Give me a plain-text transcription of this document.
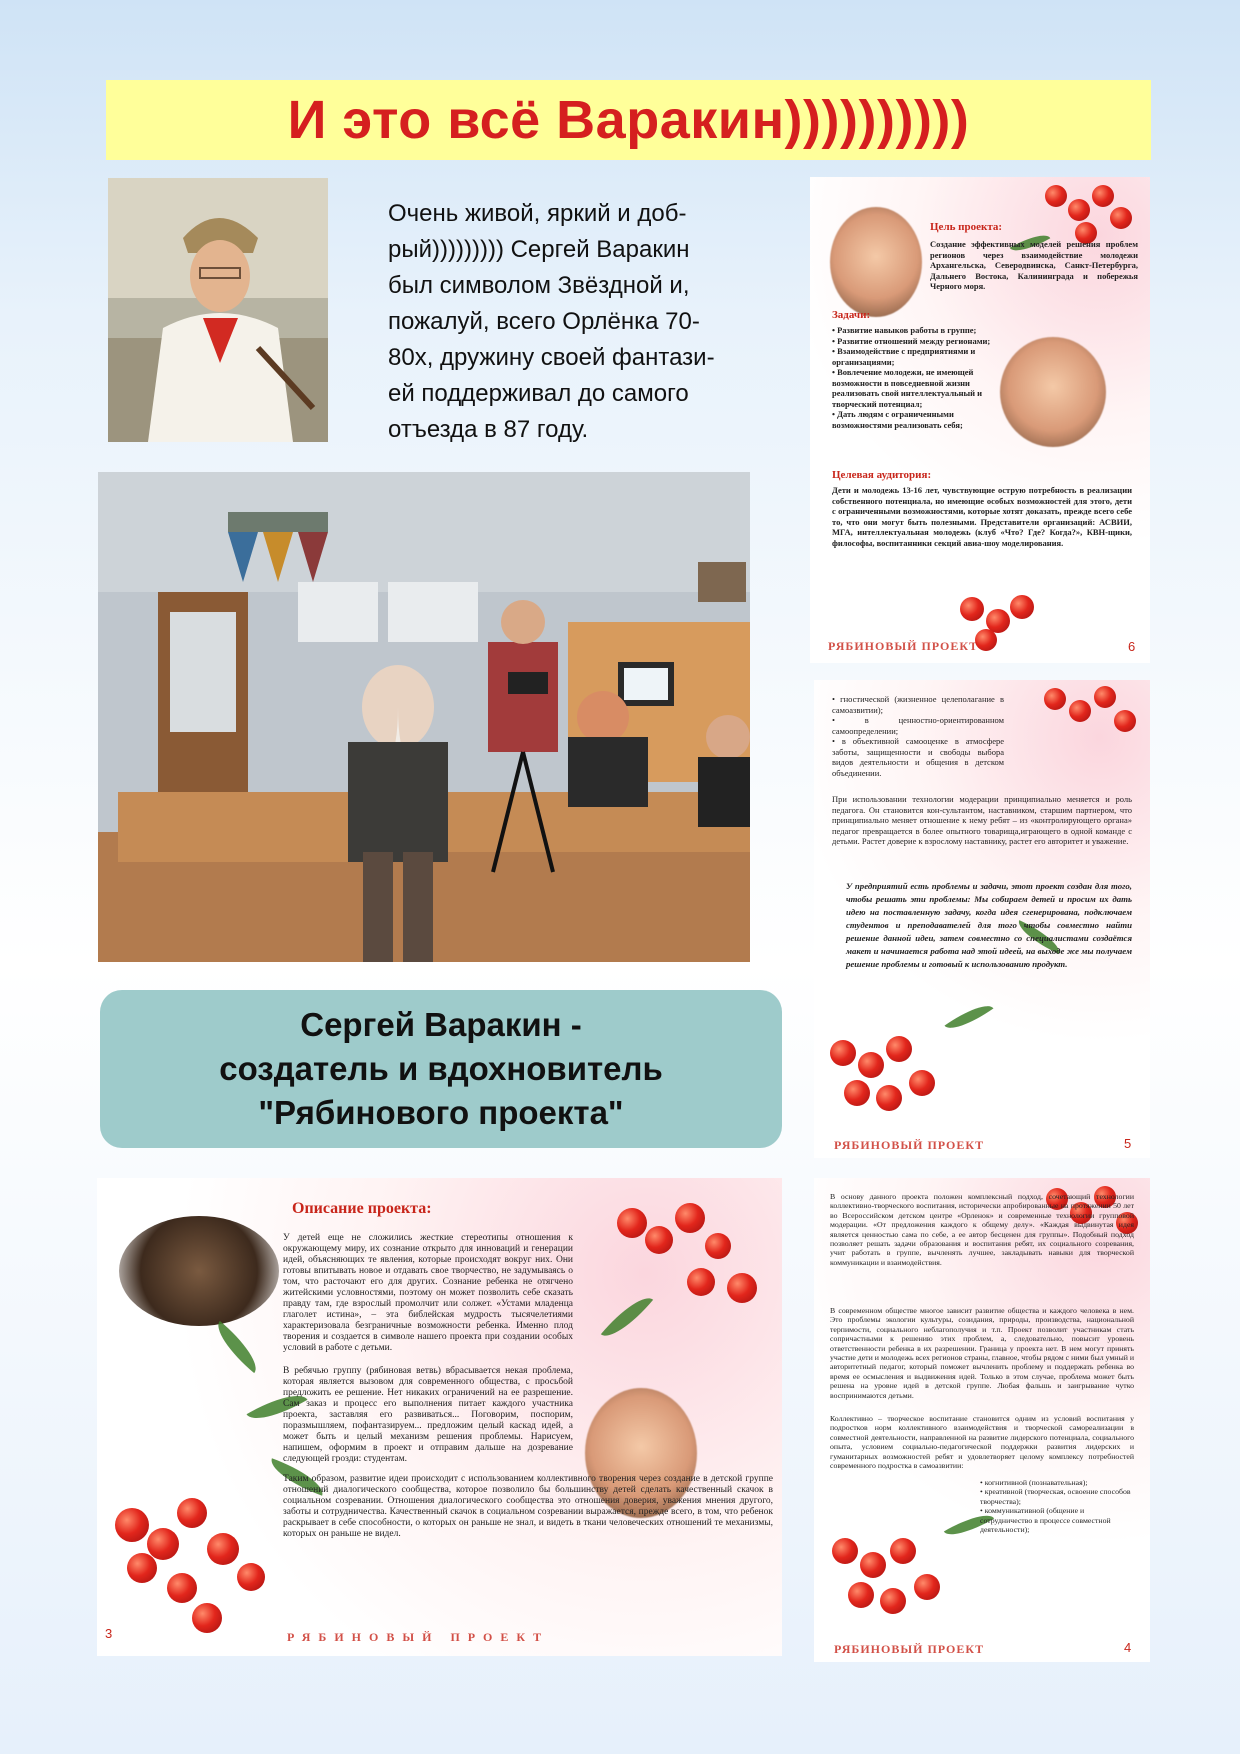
И это всё Варакин))))))))))
Очень живой, яркий и доб-рый))))))))) Сергей Варакин был символом Звёздной и, пожалуй, всего Орлёнка 70-80х, дружину своей фантази-ей поддерживал до самого отъезда в 87 году.
Сергей Варакин -
создатель и вдохновитель
"Рябинового проекта"
Описание проекта:
У детей еще не сложились жесткие стереотипы отношения к окружающему миру, их сознание открыто для инноваций и генерации идей, объясняющих те явления, которые происходят вокруг них. Они готовы впитывать новое и отдавать свое творчество, не задумываясь о том, что расточают его для других. Сознание ребенка не отягчено житейскими условностями, поэтому он может позволить себе сказать правду там, где взрослый промолчит или солжет. «Устами младенца глаголет истина», – эта библейская мудрость тысячелетиями характеризовала безграничные возможности ребенка. Именно плод творения и создается в символе нашего проекта при создании особых условий в работе с детьми.
В ребячью группу (рябиновая ветвь) вбрасывается некая проблема, которая является вызовом для современного общества, с просьбой предложить ее решение. Нет никаких ограничений на ее разрешение. Сам заказ и процесс его выполнения питает каждого участника проекта, заставляя его развиваться... Поговорим, поспорим, поразмышляем, пофантазируем... предложим целый каскад идей, а может быть и целый механизм решения проблемы. Нарисуем, напишем, оформим в проект и отправим дальше на дозревание следующей грозди: студентам.
Таким образом, развитие идеи происходит с использованием коллективного творения через создание в детской группе отношений диалогического сообщества, которое позволило бы большинству детей сделать качественный скачок в социальном созревании. Отношения диалогического сообщества это отношения доверия, уважения мнения другого, заботы и сотрудничества. Качественный скачок в социальном созревании выражается, прежде всего, в том, что ребенок раскрывает в себе способности, о которых он раньше не знал, и видеть в ткани человеческих отношений те механизмы, которых он раньше не видел.
3	РЯБИНОВЫЙ ПРОЕКТ
Цель проекта:
Создание эффективных моделей решения проблем регионов через взаимодействие молодежи Архангельска, Северодвинска, Санкт-Петербурга, Дальнего Востока, Калининграда и побережья Черного моря.
Задачи:
• Развитие навыков работы в группе;
• Развитие отношений между регионами;
• Взаимодействие с предприятиями и организациями;
• Вовлечение молодежи, не имеющей возможности в повседневной жизни реализовать свой интеллектуальный и творческий потенциал;
• Дать людям с ограниченными возможностями реализовать себя;
Целевая аудитория:
Дети и молодежь 13-16 лет, чувствующие острую потребность в реализации собственного потенциала, но имеющие особых возможностей для этого, дети с ограниченными возможностями, которые хотят доказать, прежде всего себе то, что они могут быть полезными. Представители организаций: АСВИИ, МГА, интеллектуальная молодежь (клуб «Что? Где? Когда?», КВН-щики, философы, воспитанники секций авиа-шоу моделирования.
РЯБИНОВЫЙ ПРОЕКТ	6
• гностической (жизненное целеполагание в самоазвитии);
• в ценностно-ориентированном самоопределении;
• в объективной самооценке в атмосфере заботы, защищенности и свободы выбора видов деятельности и общения в детском объединении.
При использовании технологии модерации принципиально меняется и роль педагога. Он становится кон-сультантом, наставником, старшим партнером, что принципиально меняет отношение к нему ребят – из «контролирующего органа» педагог превращается в более опытного товарища,играющего в одной команде с детьми. Растет доверие к взрослому наставнику, растет его авторитет и уважение.
У предприятий есть проблемы и задачи, этот проект создан для того, чтобы решать эти проблемы: Мы собираем детей и просим их дать идею на поставленную задачу, когда идея сгенерирована, подключаем студентов и преподавателей для того чтобы совместно найти решение данной идеи, затем совместно со специалистами создаётся макет и начинается работа над этой идеей, на выходе же мы получаем решение проблемы и готовый к использованию продукт.
РЯБИНОВЫЙ ПРОЕКТ	5
В основу данного проекта положен комплексный подход, сочетающий технологии коллективно-творческого воспитания, исторически апробированные на протяжении 50 лет во Всероссийском детском центре «Орленок» и современные технологии групповой модерации. «От предложения каждого к общему делу». «Каждая выдвинутая идея является ценностью сама по себе, а ее автор бесценен для группы». Подобный подход позволяет решать задачи образования и воспитания ребят, их социального созревания, учит работать в группе, вычленять лучшее, закладывать навыки для творческой коммуникации и взаимодействия.
В современном обществе многое зависит развитие общества и каждого человека в нем. Это проблемы экологии культуры, созидания, природы, производства, национальной терпимости, социального неблагополучия и т.п. Проект позволит участникам стать сопричастными к решению этих проблем, а, следовательно, повысит уровень ответственности ребенка в их разрешении. Граница у проекта нет. В нем могут принять участие дети и молодежь всех регионов страны, главное, чтобы рядом с ними был умный и авторитетный педагог, который поможет вычленить проблему и поддержать ребенка во время ее осмысления и выдвижения идей. Только в этом случае, проблема может быть решена на уровне идей в детской группе. Любая фальшь и заигрывание чутко воспринимаются детьми.
Коллективно – творческое воспитание становится одним из условий воспитания у подростков норм коллективного взаимодействия и творческой самореализации в совместной деятельности, направленной на развитие лидерского потенциала, социального опыта, условием социально-педагогической поддержки развития лидерских и гуманитарных возможностей ребят и удовлетворяет целому комплексу потребностей современного подростка в самоазвитии:
• когнитивной (познавательная);
• креативной (творческая, освоение способов творчества);
• коммуникативной (общение и сотрудничество в процессе совместной деятельности);
РЯБИНОВЫЙ ПРОЕКТ	4
